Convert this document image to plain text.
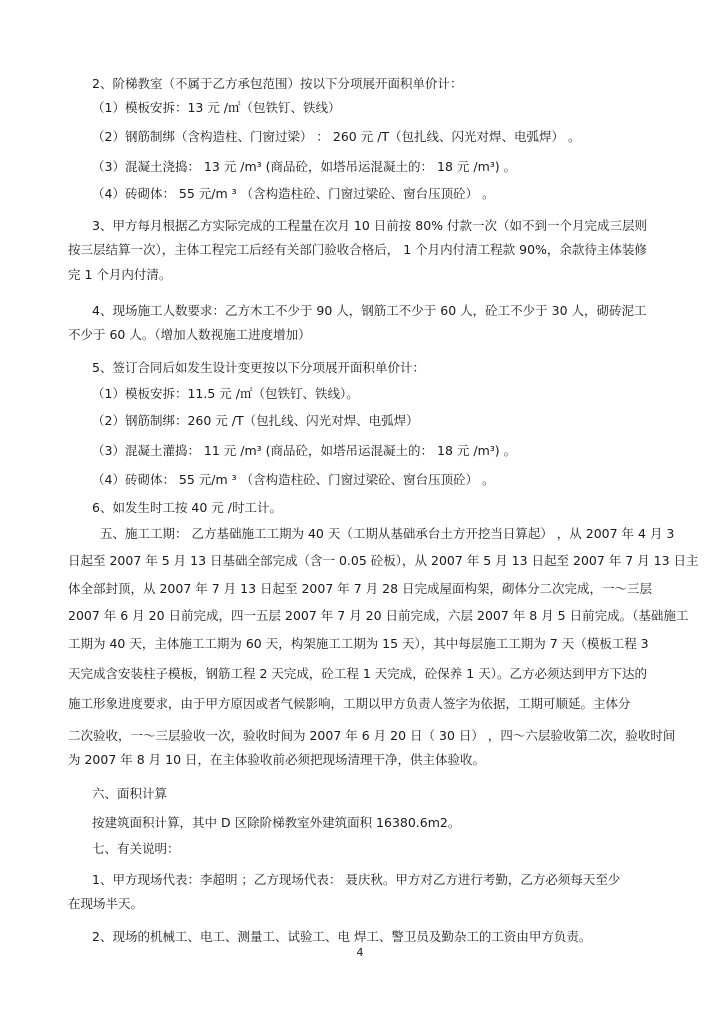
2、阶梯教室（不属于乙方承包范围）按以下分项展开面积单价计：
（1）模板安拆：13 元 /㎡（包铁钉、铁线）
（2）钢筋制绑（含构造柱、门窗过梁） ： 260 元 /T（包扎线、闪光对焊、电弧焊） 。
（3）混凝土浇捣： 13 元 /m³ (商品砼，如塔吊运混凝土的： 18 元 /m³) 。
（4）砖砌体： 55 元/m ³ （含构造柱砼、门窗过梁砼、窗台压顶砼） 。
3、甲方每月根据乙方实际完成的工程量在次月 10 日前按 80% 付款一次（如不到一个月完成三层则
按三层结算一次），主体工程完工后经有关部门验收合格后， 1 个月内付清工程款 90%，余款待主体装修
完 1 个月内付清。
4、现场施工人数要求：乙方木工不少于 90 人，钢筋工不少于 60 人，砼工不少于 30 人，砌砖泥工
不少于 60 人。（增加人数视施工进度增加）
5、签订合同后如发生设计变更按以下分项展开面积单价计：
（1）模板安拆：11.5 元 /㎡（包铁钉、铁线）。
（2）钢筋制绑：260 元 /T（包扎线、闪光对焊、电弧焊）
（3）混凝土灌捣： 11 元 /m³ (商品砼，如塔吊运混凝土的： 18 元 /m³) 。
（4）砖砌体： 55 元/m ³ （含构造柱砼、门窗过梁砼、窗台压顶砼） 。
6、如发生时工按 40 元 /时工计。
五、施工工期： 乙方基础施工工期为 40 天（工期从基础承台土方开挖当日算起） ，从 2007 年 4 月 3
日起至 2007 年 5 月 13 日基础全部完成（含一 0.05 砼板），从 2007 年 5 月 13 日起至 2007 年 7 月 13 日主
体全部封顶，从 2007 年 7 月 13 日起至 2007 年 7 月 28 日完成屋面构架，砌体分二次完成，一～三层
2007 年 6 月 20 日前完成，四一五层 2007 年 7 月 20 日前完成，六层 2007 年 8 月 5 日前完成。（基础施工
工期为 40 天，主体施工工期为 60 天，构架施工工期为 15 天），其中每层施工工期为 7 天（模板工程 3
天完成含安装柱子模板，钢筋工程 2 天完成，砼工程 1 天完成，砼保养 1 天）。乙方必须达到甲方下达的
施工形象进度要求，由于甲方原因或者气候影响，工期以甲方负责人签字为依据，工期可顺延。主体分
二次验收，一～三层验收一次，验收时间为 2007 年 6 月 20 日（ 30 日） ，四～六层验收第二次，验收时间
为 2007 年 8 月 10 日，在主体验收前必须把现场清理干净，供主体验收。
六、面积计算
按建筑面积计算，其中 D 区除阶梯教室外建筑面积 16380.6m2。
七、有关说明：
1、甲方现场代表：李超明 ；乙方现场代表： 聂庆秋。甲方对乙方进行考勤，乙方必须每天至少
在现场半天。
2、现场的机械工、电工、测量工、试验工、电 焊工、警卫员及勤杂工的工资由甲方负责。
4
